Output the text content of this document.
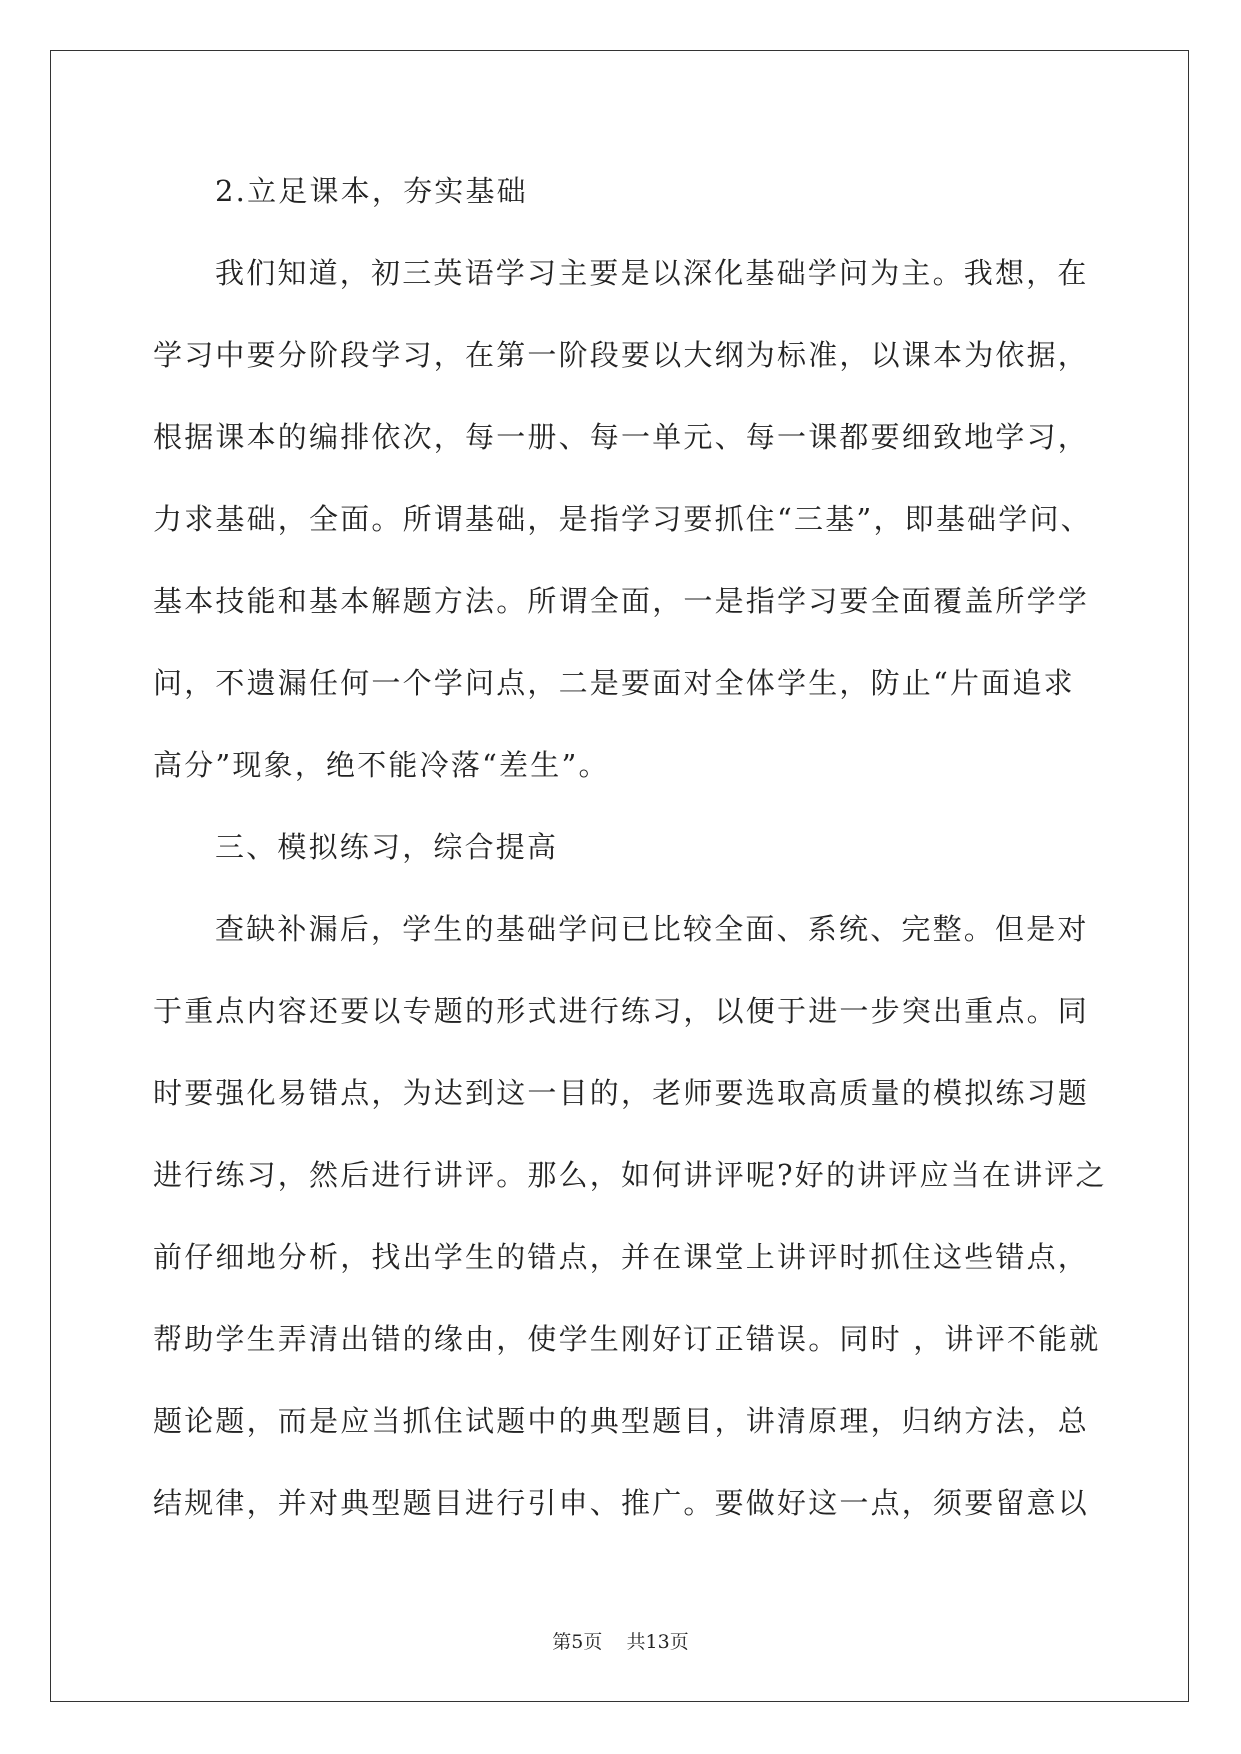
2.立足课本，夯实基础
我们知道，初三英语学习主要是以深化基础学问为主。我想，在
学习中要分阶段学习，在第一阶段要以大纲为标准，以课本为依据，
根据课本的编排依次，每一册、每一单元、每一课都要细致地学习，
力求基础，全面。所谓基础，是指学习要抓住“三基”，即基础学问、
基本技能和基本解题方法。所谓全面，一是指学习要全面覆盖所学学
问，不遗漏任何一个学问点，二是要面对全体学生，防止“片面追求
高分”现象，绝不能冷落“差生”。
三、模拟练习，综合提高
查缺补漏后，学生的基础学问已比较全面、系统、完整。但是对
于重点内容还要以专题的形式进行练习，以便于进一步突出重点。同
时要强化易错点，为达到这一目的，老师要选取高质量的模拟练习题
进行练习，然后进行讲评。那么，如何讲评呢?好的讲评应当在讲评之
前仔细地分析，找出学生的错点，并在课堂上讲评时抓住这些错点，
帮助学生弄清出错的缘由，使学生刚好订正错误。同时 ，讲评不能就
题论题，而是应当抓住试题中的典型题目，讲清原理，归纳方法，总
结规律，并对典型题目进行引申、推广。要做好这一点，须要留意以
第5页    共13页
